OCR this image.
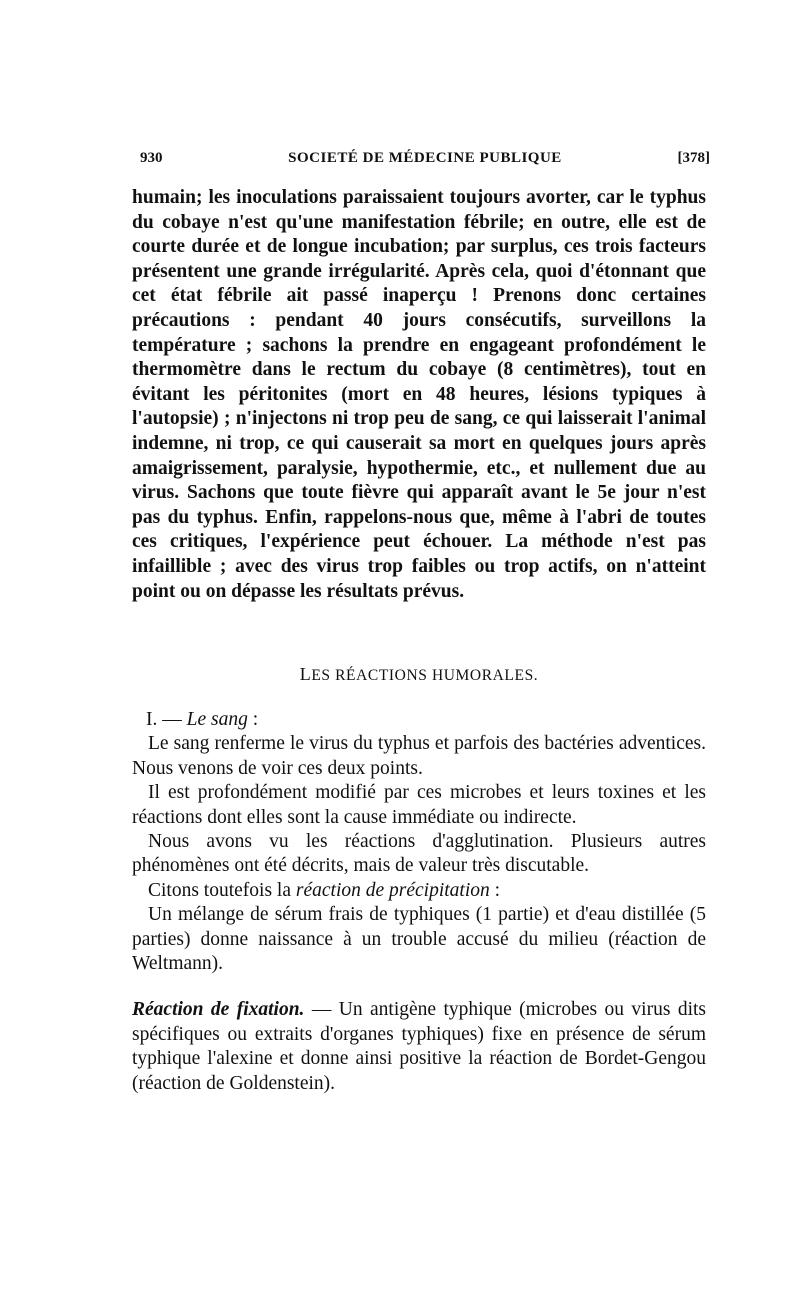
930	SOCIETÉ DE MÉDECINE PUBLIQUE	[378]

humain; les inoculations paraissaient toujours avorter, car le typhus du cobaye n'est qu'une manifestation fébrile; en outre, elle est de courte durée et de longue incubation; par surplus, ces trois facteurs présentent une grande irrégularité. Après cela, quoi d'étonnant que cet état fébrile ait passé inaperçu ! Prenons donc certaines précautions : pendant 40 jours consécutifs, surveillons la température ; sachons la prendre en engageant profondément le thermomètre dans le rectum du cobaye (8 centimètres), tout en évitant les péritonites (mort en 48 heures, lésions typiques à l'autopsie) ; n'injectons ni trop peu de sang, ce qui laisserait l'animal indemne, ni trop, ce qui causerait sa mort en quelques jours après amaigrissement, paralysie, hypothermie, etc., et nullement due au virus. Sachons que toute fièvre qui apparaît avant le 5e jour n'est pas du typhus. Enfin, rappelons-nous que, même à l'abri de toutes ces critiques, l'expérience peut échouer. La méthode n'est pas infaillible ; avec des virus trop faibles ou trop actifs, on n'atteint point ou on dépasse les résultats prévus.

LES RÉACTIONS HUMORALES.

I. — Le sang :

Le sang renferme le virus du typhus et parfois des bactéries adventices. Nous venons de voir ces deux points.

Il est profondément modifié par ces microbes et leurs toxines et les réactions dont elles sont la cause immédiate ou indirecte.

Nous avons vu les réactions d'agglutination. Plusieurs autres phénomènes ont été décrits, mais de valeur très discutable.

Citons toutefois la réaction de précipitation :

Un mélange de sérum frais de typhiques (1 partie) et d'eau distillée (5 parties) donne naissance à un trouble accusé du milieu (réaction de Weltmann).

Réaction de fixation. — Un antigène typhique (microbes ou virus dits spécifiques ou extraits d'organes typhiques) fixe en présence de sérum typhique l'alexine et donne ainsi positive la réaction de Bordet-Gengou (réaction de Goldenstein).
